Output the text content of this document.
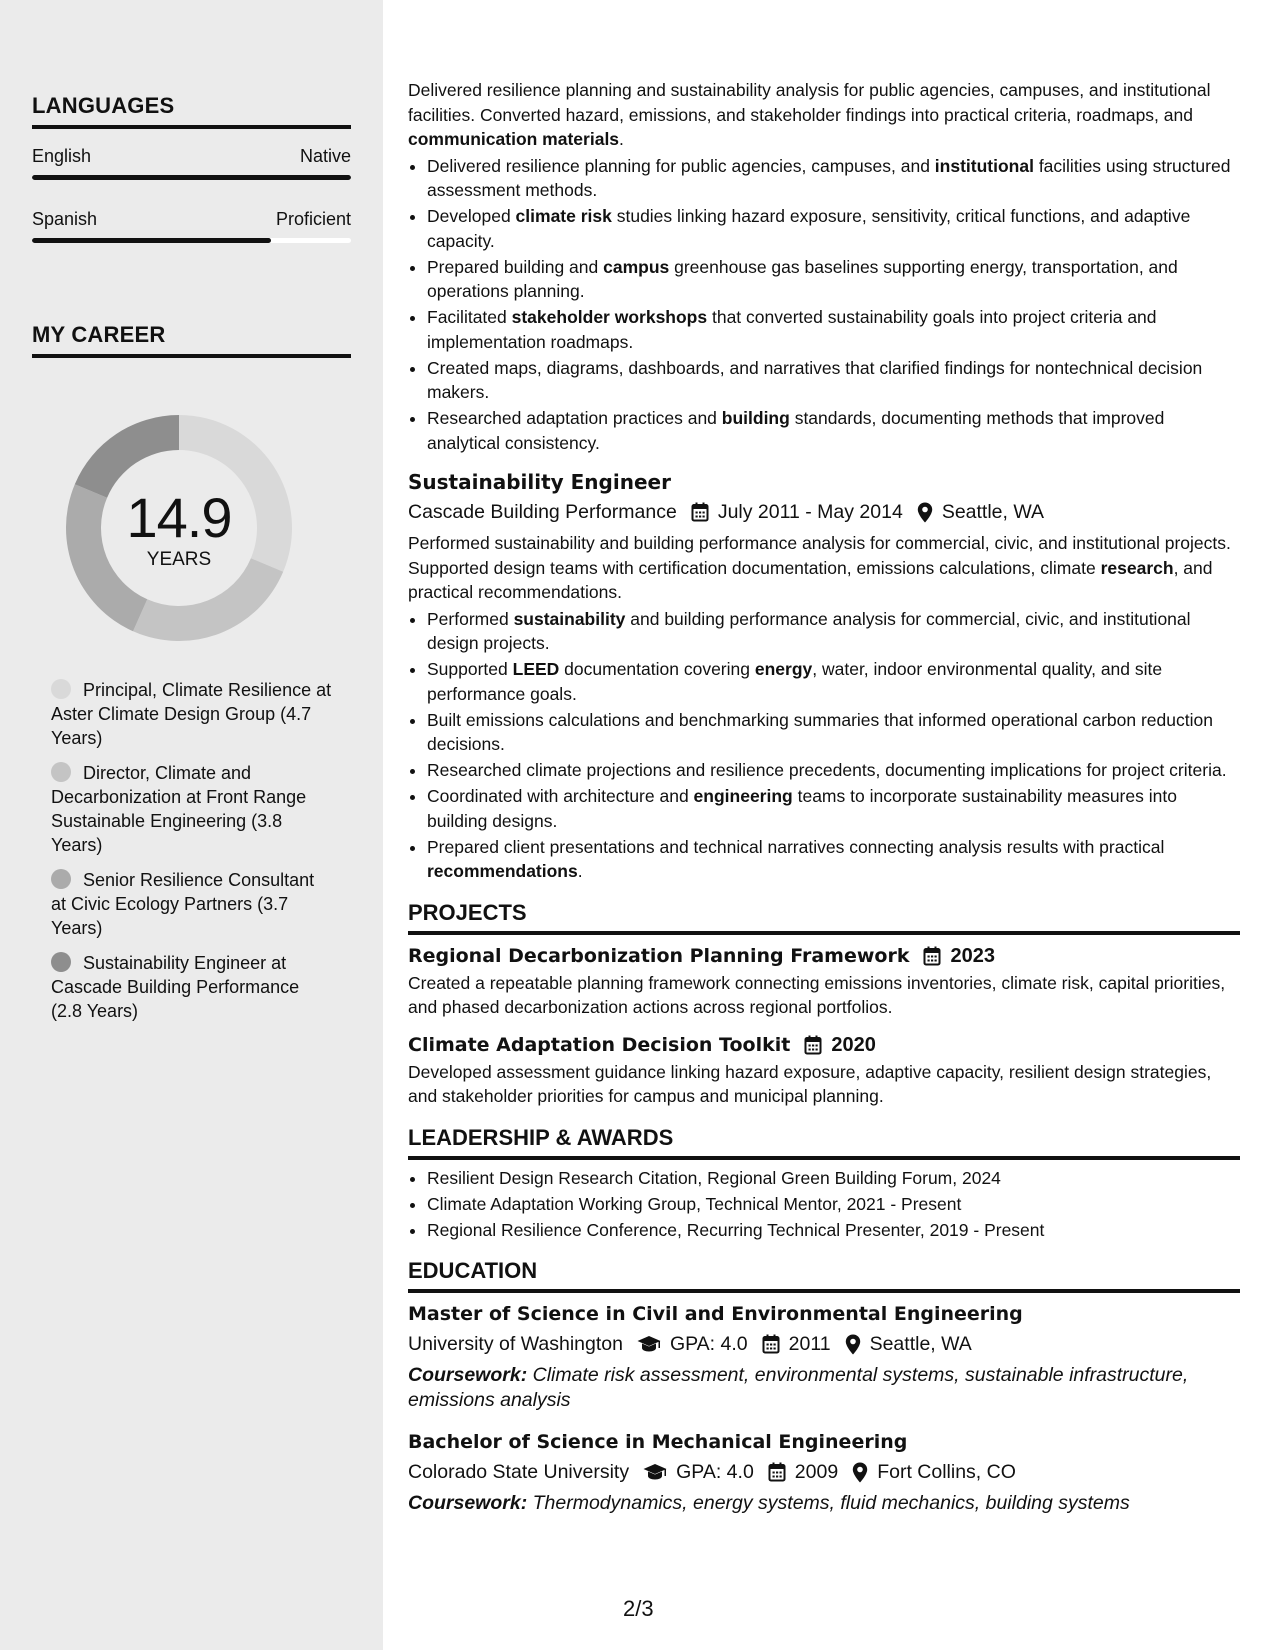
LANGUAGES
English	Native
Spanish	Proficient
MY CAREER
14.9
YEARS
Principal, Climate Resilience at Aster Climate Design Group (4.7 Years)
Director, Climate and Decarbonization at Front Range Sustainable Engineering (3.8 Years)
Senior Resilience Consultant at Civic Ecology Partners (3.7 Years)
Sustainability Engineer at Cascade Building Performance (2.8 Years)

Delivered resilience planning and sustainability analysis for public agencies, campuses, and institutional facilities. Converted hazard, emissions, and stakeholder findings into practical criteria, roadmaps, and communication materials.

• Delivered resilience planning for public agencies, campuses, and institutional facilities using structured assessment methods.
• Developed climate risk studies linking hazard exposure, sensitivity, critical functions, and adaptive capacity.
• Prepared building and campus greenhouse gas baselines supporting energy, transportation, and operations planning.
• Facilitated stakeholder workshops that converted sustainability goals into project criteria and implementation roadmaps.
• Created maps, diagrams, dashboards, and narratives that clarified findings for nontechnical decision makers.
• Researched adaptation practices and building standards, documenting methods that improved analytical consistency.
Sustainability Engineer
Cascade Building Performance July 2011 - May 2014 Seattle, WA

Performed sustainability and building performance analysis for commercial, civic, and institutional projects. Supported design teams with certification documentation, emissions calculations, climate research, and practical recommendations.

• Performed sustainability and building performance analysis for commercial, civic, and institutional design projects.
• Supported LEED documentation covering energy, water, indoor environmental quality, and site performance goals.
• Built emissions calculations and benchmarking summaries that informed operational carbon reduction decisions.
• Researched climate projections and resilience precedents, documenting implications for project criteria.
• Coordinated with architecture and engineering teams to incorporate sustainability measures into building designs.
• Prepared client presentations and technical narratives connecting analysis results with practical recommendations.
PROJECTS
Regional Decarbonization Planning Framework 2023

Created a repeatable planning framework connecting emissions inventories, climate risk, capital priorities, and phased decarbonization actions across regional portfolios.

Climate Adaptation Decision Toolkit 2020

Developed assessment guidance linking hazard exposure, adaptive capacity, resilient design strategies, and stakeholder priorities for campus and municipal planning.

LEADERSHIP & AWARDS
• Resilient Design Research Citation, Regional Green Building Forum, 2024
• Climate Adaptation Working Group, Technical Mentor, 2021 - Present
• Regional Resilience Conference, Recurring Technical Presenter, 2019 - Present
EDUCATION
Master of Science in Civil and Environmental Engineering
University of Washington GPA: 4.0 2011 Seattle, WA

Coursework: Climate risk assessment, environmental systems, sustainable infrastructure, emissions analysis

Bachelor of Science in Mechanical Engineering
Colorado State University GPA: 4.0 2009 Fort Collins, CO

Coursework: Thermodynamics, energy systems, fluid mechanics, building systems

2/3
